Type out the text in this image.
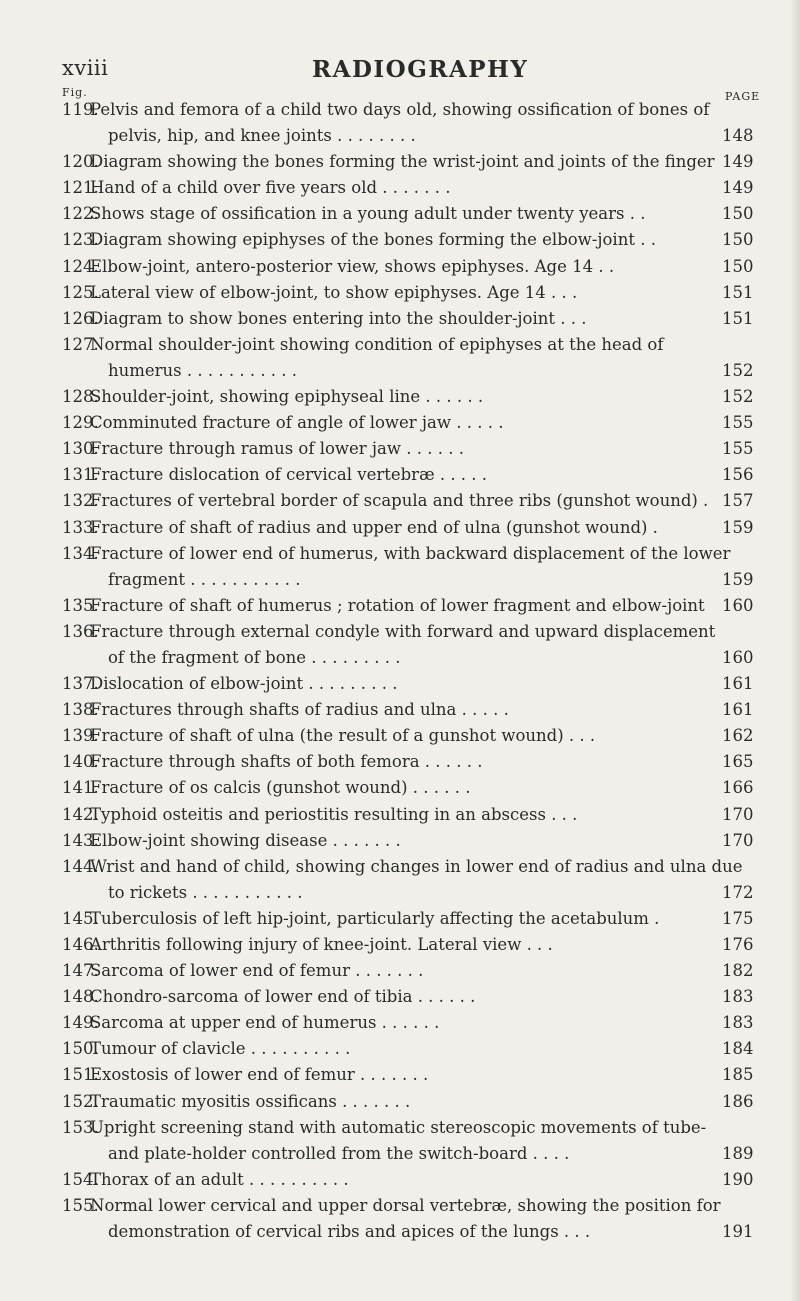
xviii	RADIOGRAPHY
Fig.	PAGE
119.
Pelvis and femora of a child two days old, showing ossification of bones of
pelvis, hip, and knee joints . . . . . . . .	148
120.
Diagram showing the bones forming the wrist-joint and joints of the finger 149
121.
Hand of a child over five years old . . . . . . .	149
122.
Shows stage of ossification in a young adult under twenty years . .	150
123.
Diagram showing epiphyses of the bones forming the elbow-joint . .	150
124.
Elbow-joint, antero-posterior view, shows epiphyses. Age 14 . .	150
125.
Lateral view of elbow-joint, to show epiphyses. Age 14 . . .	151
126.
Diagram to show bones entering into the shoulder-joint . . .	151
127.
Normal shoulder-joint showing condition of epiphyses at the head of
humerus . . . . . . . . . . .	152
128.
Shoulder-joint, showing epiphyseal line . . . . . .	152
129.
Comminuted fracture of angle of lower jaw . . . . .	155
130.
Fracture through ramus of lower jaw . . . . . .	155
131.
Fracture dislocation of cervical vertebræ . . . . .	156
132.
Fractures of vertebral border of scapula and three ribs (gunshot wound) . 157
133.
Fracture of shaft of radius and upper end of ulna (gunshot wound) .	159
134.
Fracture of lower end of humerus, with backward displacement of the lower
fragment . . . . . . . . . . .	159
135.
Fracture of shaft of humerus ; rotation of lower fragment and elbow-joint 160
136.
Fracture through external condyle with forward and upward displacement
of the fragment of bone . . . . . . . . .	160
137.
Dislocation of elbow-joint . . . . . . . . .	161
138.
Fractures through shafts of radius and ulna . . . . .	161
139.
Fracture of shaft of ulna (the result of a gunshot wound) . . .	162
140.
Fracture through shafts of both femora . . . . . .	165
141.
Fracture of os calcis (gunshot wound) . . . . . .	166
142.
Typhoid osteitis and periostitis resulting in an abscess . . .	170
143.
Elbow-joint showing disease . . . . . . .	170
144.
Wrist and hand of child, showing changes in lower end of radius and ulna due
to rickets . . . . . . . . . . .	172
145.
Tuberculosis of left hip-joint, particularly affecting the acetabulum .	175
146.
Arthritis following injury of knee-joint. Lateral view . . .	176
147.
Sarcoma of lower end of femur . . . . . . .	182
148.
Chondro-sarcoma of lower end of tibia . . . . . .	183
149.
Sarcoma at upper end of humerus . . . . . .	183
150.
Tumour of clavicle . . . . . . . . . .	184
151.
Exostosis of lower end of femur . . . . . . .	185
152.
Traumatic myositis ossificans . . . . . . .	186
153.
Upright screening stand with automatic stereoscopic movements of tube-
and plate-holder controlled from the switch-board . . . .	189
154.
Thorax of an adult . . . . . . . . . .	190
155.
Normal lower cervical and upper dorsal vertebræ, showing the position for
demonstration of cervical ribs and apices of the lungs . . .	191
